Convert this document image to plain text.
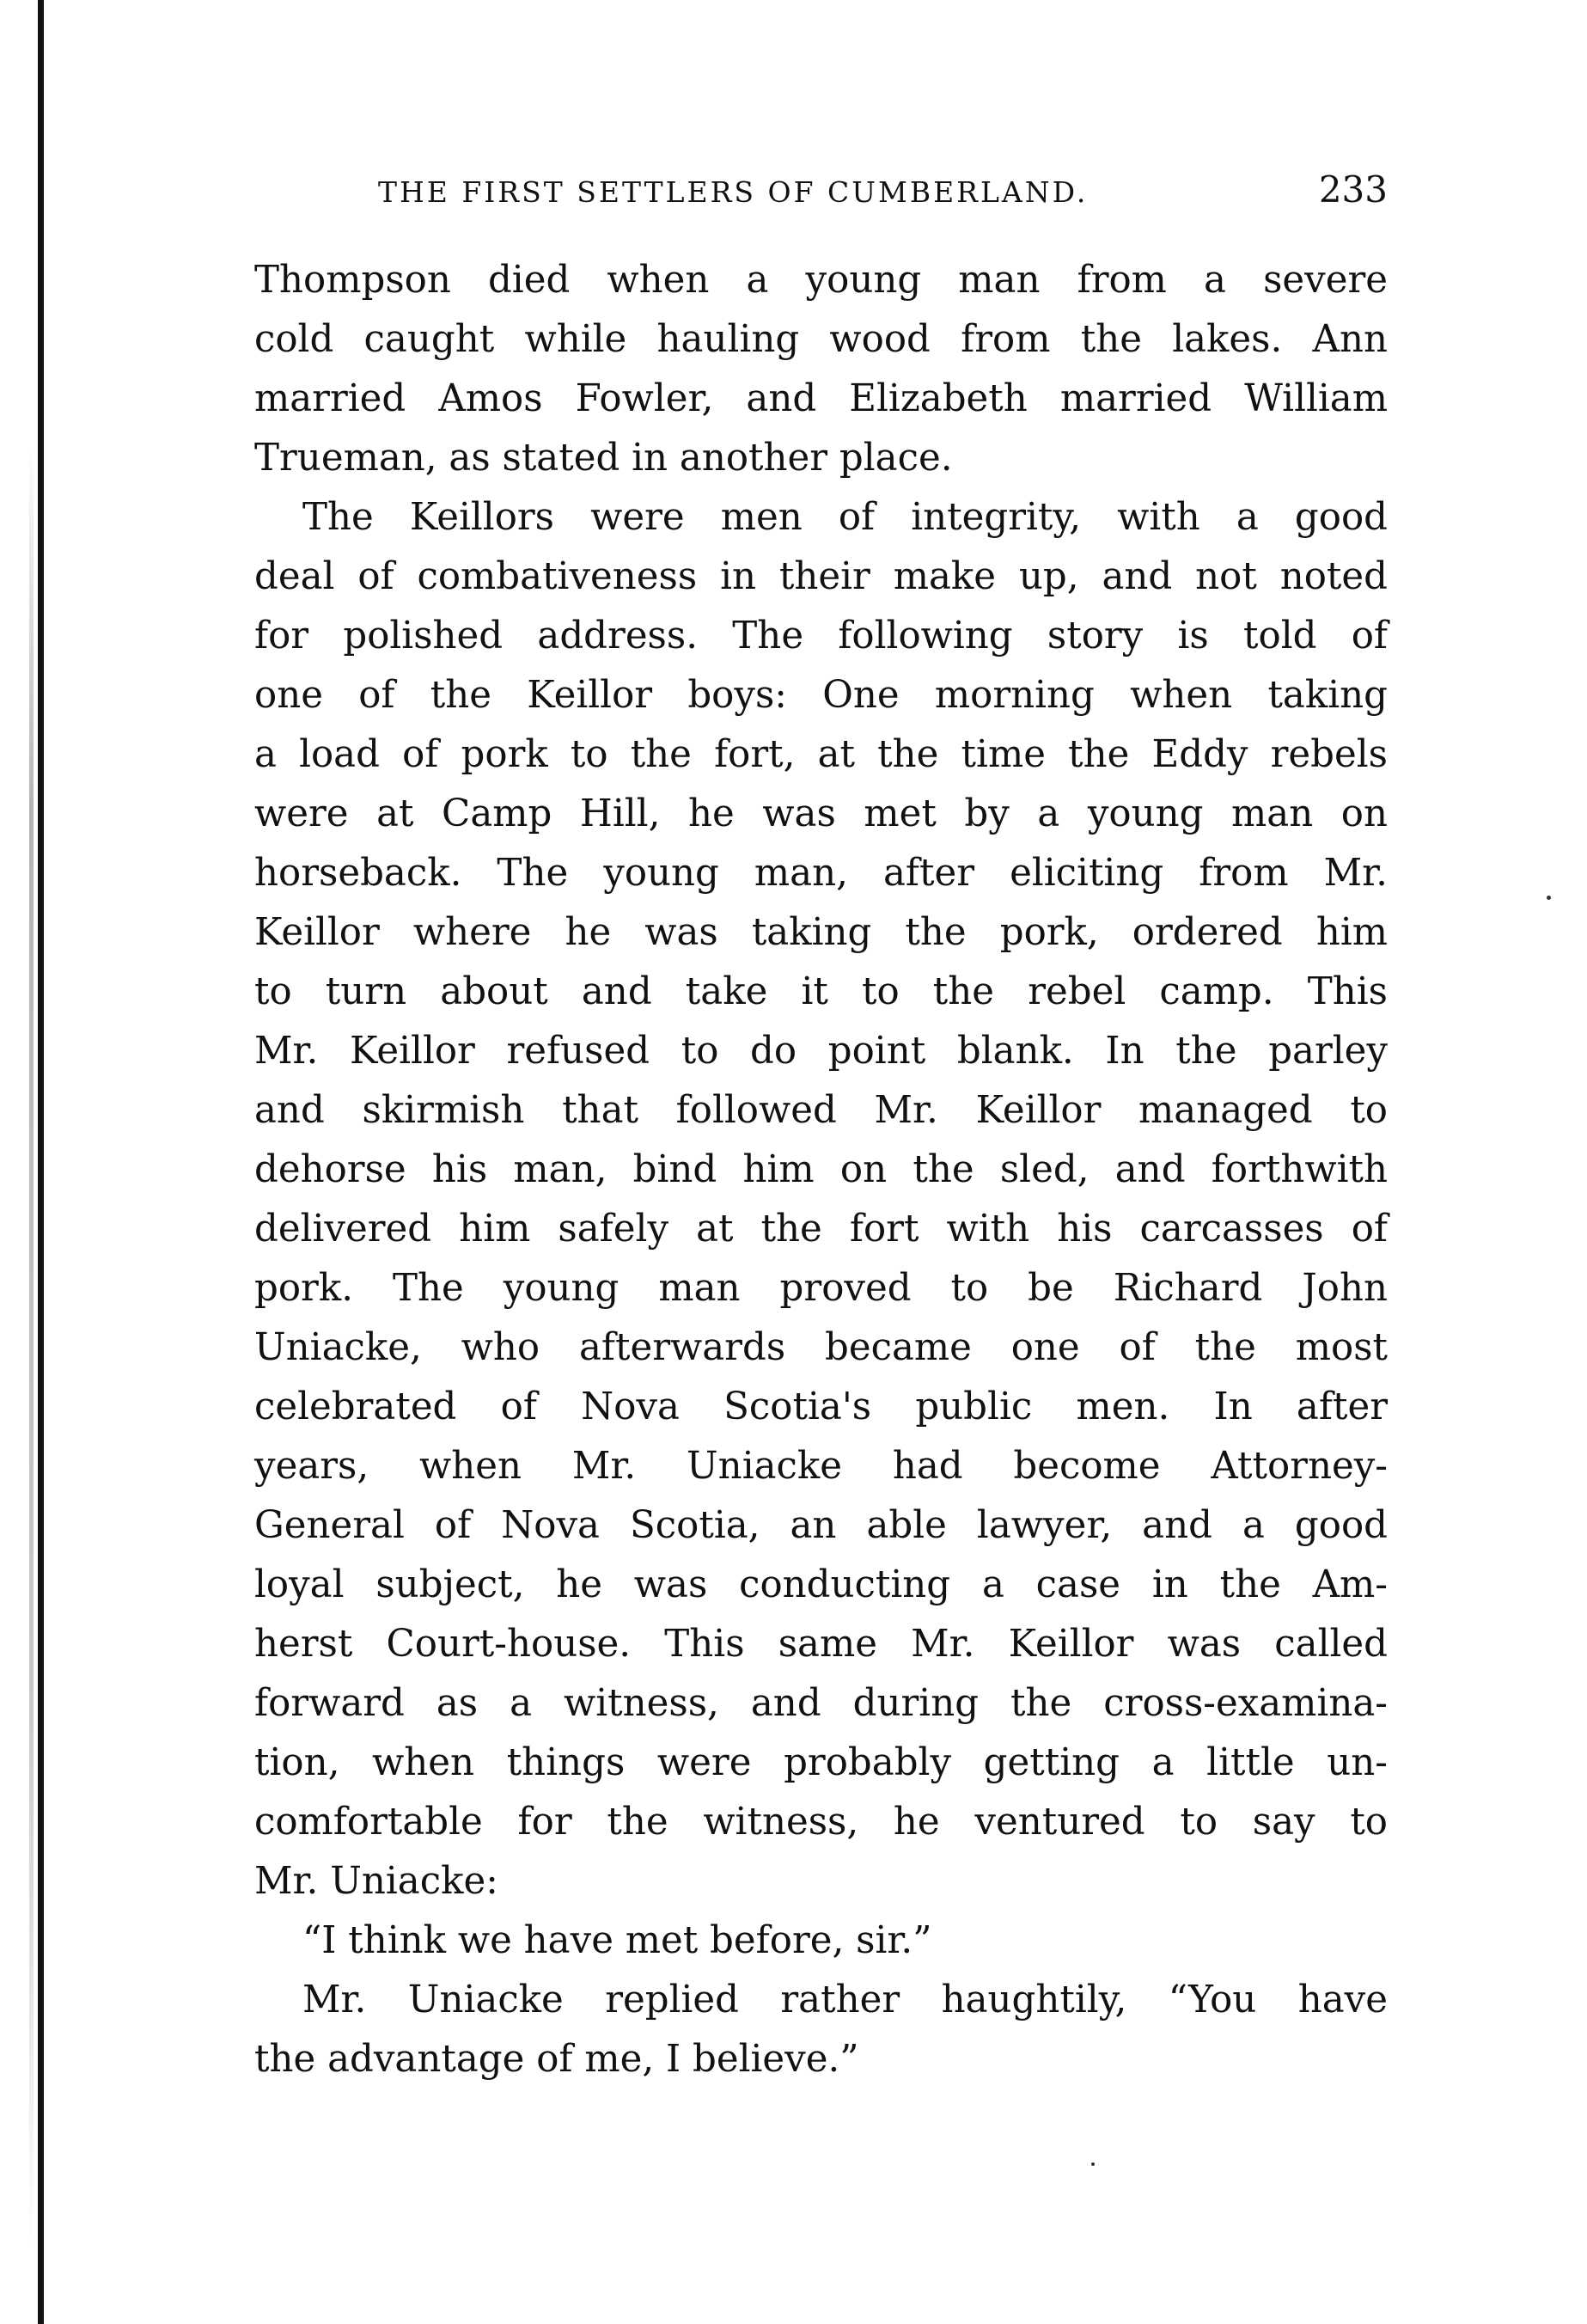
THE FIRST SETTLERS OF CUMBERLAND.	233
Thompson died when a young man from a severe
cold caught while hauling wood from the lakes. Ann
married Amos Fowler, and Elizabeth married William
Trueman, as stated in another place.
The Keillors were men of integrity, with a good
deal of combativeness in their make up, and not noted
for polished address. The following story is told of
one of the Keillor boys: One morning when taking
a load of pork to the fort, at the time the Eddy rebels
were at Camp Hill, he was met by a young man on
horseback. The young man, after eliciting from Mr.
Keillor where he was taking the pork, ordered him
to turn about and take it to the rebel camp. This
Mr. Keillor refused to do point blank. In the parley
and skirmish that followed Mr. Keillor managed to
dehorse his man, bind him on the sled, and forthwith
delivered him safely at the fort with his carcasses of
pork. The young man proved to be Richard John
Uniacke, who afterwards became one of the most
celebrated of Nova Scotia's public men. In after
years, when Mr. Uniacke had become Attorney-
General of Nova Scotia, an able lawyer, and a good
loyal subject, he was conducting a case in the Am-
herst Court-house. This same Mr. Keillor was called
forward as a witness, and during the cross-examina-
tion, when things were probably getting a little un-
comfortable for the witness, he ventured to say to
Mr. Uniacke:
“I think we have met before, sir.”
Mr. Uniacke replied rather haughtily, “You have
the advantage of me, I believe.”
